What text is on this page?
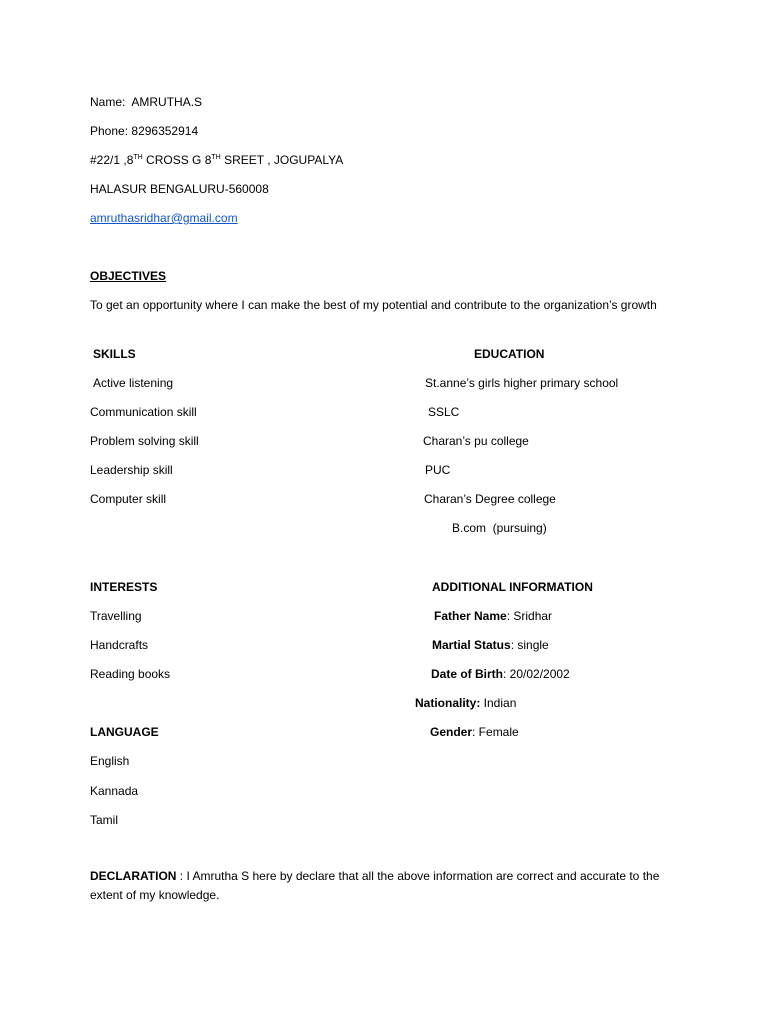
Name: AMRUTHA.S
Phone: 8296352914
#22/1 ,8TH CROSS G 8TH SREET , JOGUPALYA
HALASUR BENGALURU-560008
amruthasridhar@gmail.com
OBJECTIVES
To get an opportunity where I can make the best of my potential and contribute to the organization’s growth
SKILLS	EDUCATION
Active listening
Communication skill
Problem solving skill
Leadership skill
Computer skill
St.anne’s girls higher primary school
SSLC
Charan’s pu college
PUC
Charan’s Degree college
B.com  (pursuing)
INTERESTS	ADDITIONAL INFORMATION
Travelling
Handcrafts
Reading books
Father Name: Sridhar
Martial Status: single
Date of Birth: 20/02/2002
Nationality: Indian
Gender: Female
LANGUAGE
English
Kannada
Tamil
DECLARATION : I Amrutha S here by declare that all the above information are correct and accurate to the extent of my knowledge.
